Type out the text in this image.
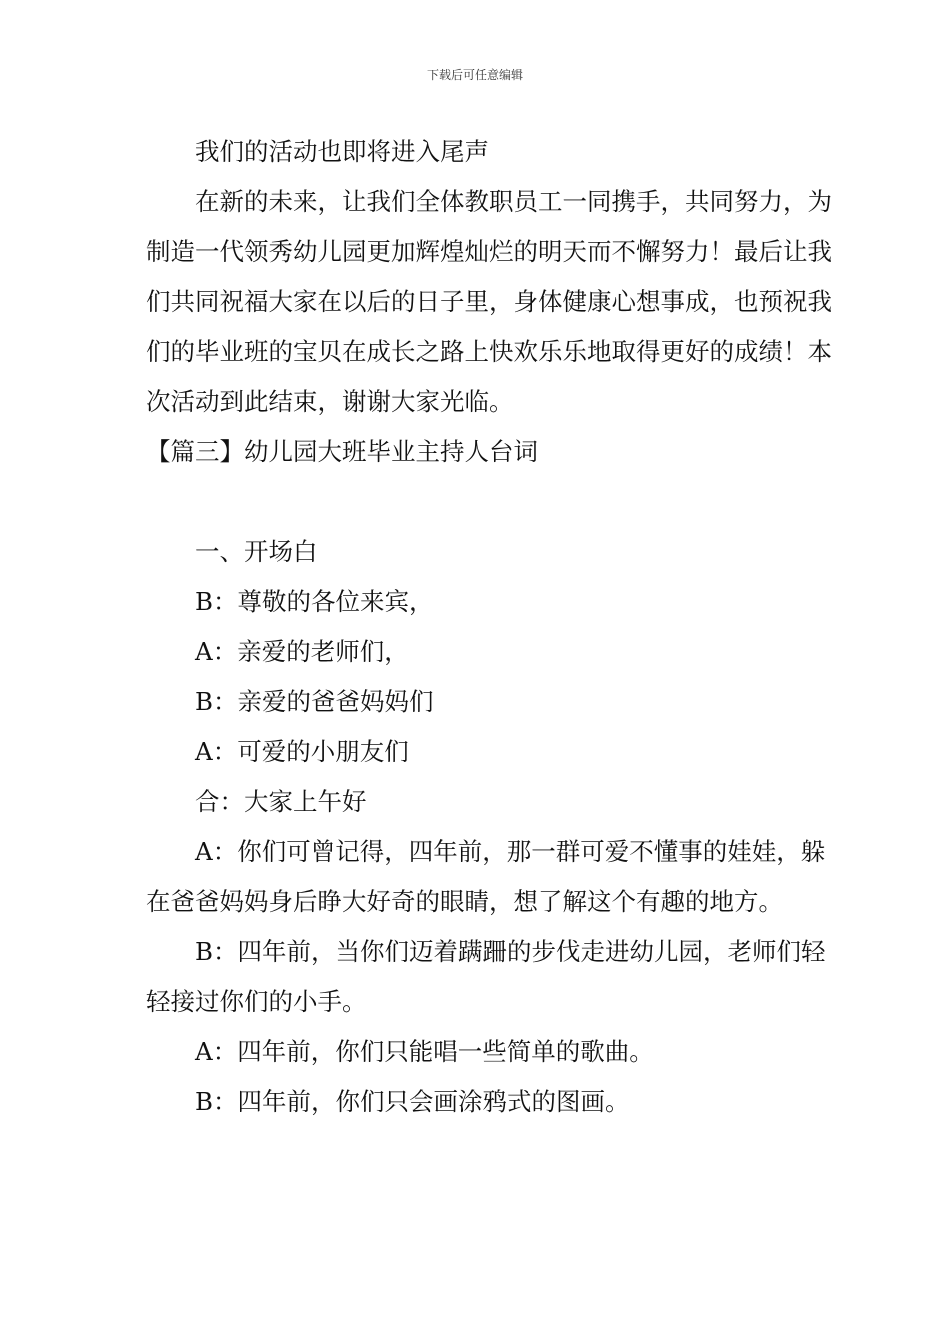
下载后可任意编辑

我们的活动也即将进入尾声

在新的未来，让我们全体教职员工一同携手，共同努力，为制造一代领秀幼儿园更加辉煌灿烂的明天而不懈努力！最后让我们共同祝福大家在以后的日子里，身体健康心想事成，也预祝我们的毕业班的宝贝在成长之路上快欢乐乐地取得更好的成绩！本次活动到此结束，谢谢大家光临。

【篇三】幼儿园大班毕业主持人台词

一、开场白

B：尊敬的各位来宾，

A：亲爱的老师们，

B：亲爱的爸爸妈妈们

A：可爱的小朋友们

合：大家上午好

A：你们可曾记得，四年前，那一群可爱不懂事的娃娃，躲在爸爸妈妈身后睁大好奇的眼睛，想了解这个有趣的地方。

B：四年前，当你们迈着蹒跚的步伐走进幼儿园，老师们轻轻接过你们的小手。

A：四年前，你们只能唱一些简单的歌曲。

B：四年前，你们只会画涂鸦式的图画。
